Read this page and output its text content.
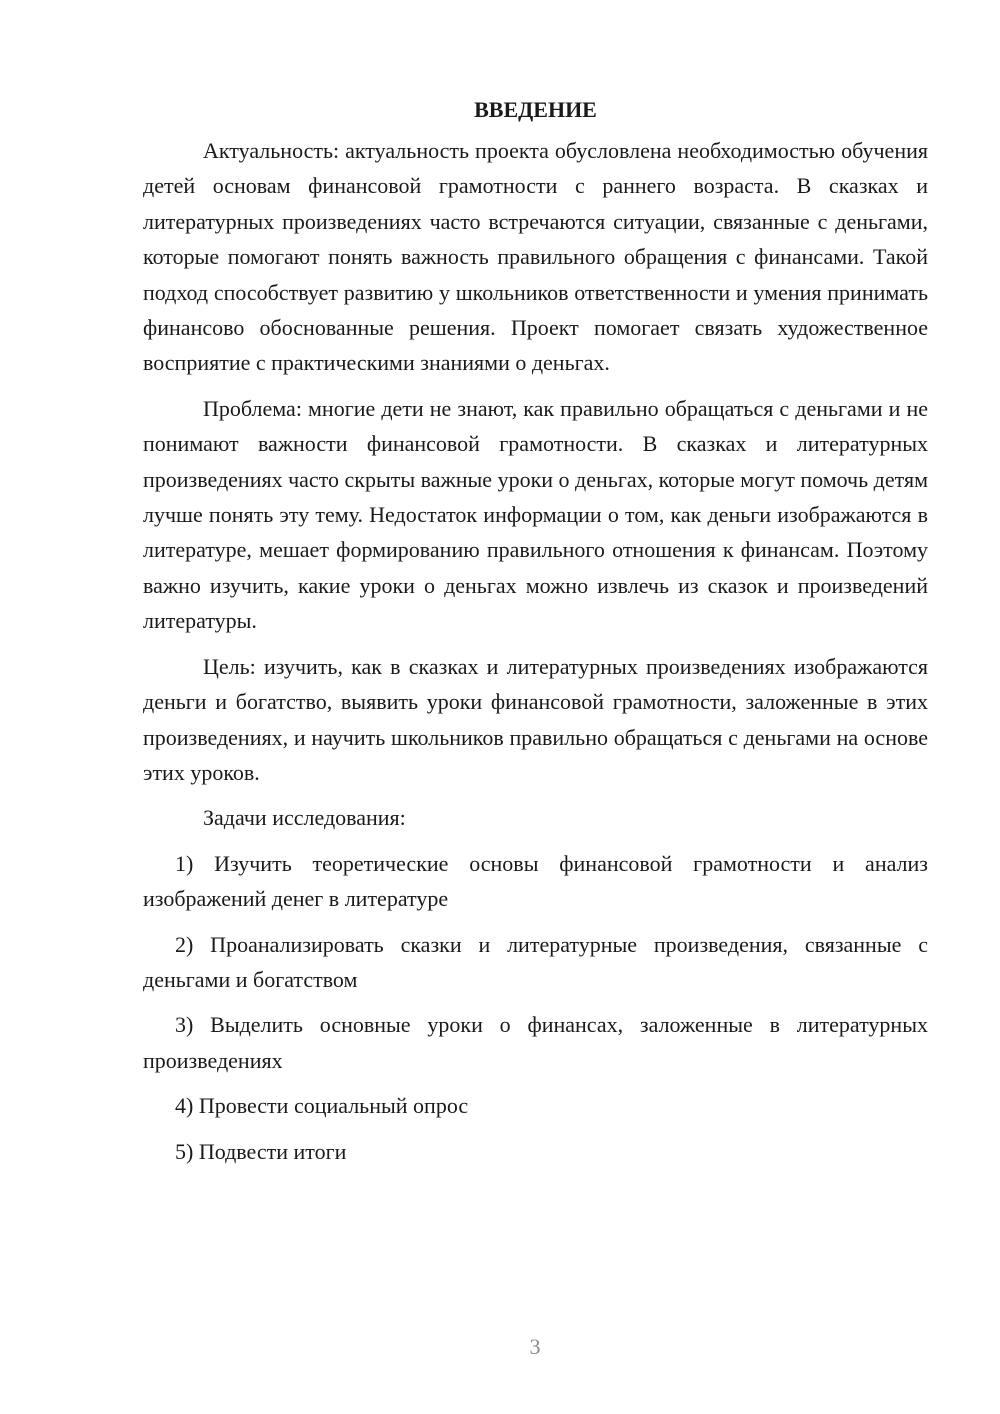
ВВЕДЕНИЕ

Актуальность: актуальность проекта обусловлена необходимостью обучения детей основам финансовой грамотности с раннего возраста. В сказках и литературных произведениях часто встречаются ситуации, связанные с деньгами, которые помогают понять важность правильного обращения с финансами. Такой подход способствует развитию у школьников ответственности и умения принимать финансово обоснованные решения. Проект помогает связать художественное восприятие с практическими знаниями о деньгах.

Проблема: многие дети не знают, как правильно обращаться с деньгами и не понимают важности финансовой грамотности. В сказках и литературных произведениях часто скрыты важные уроки о деньгах, которые могут помочь детям лучше понять эту тему. Недостаток информации о том, как деньги изображаются в литературе, мешает формированию правильного отношения к финансам. Поэтому важно изучить, какие уроки о деньгах можно извлечь из сказок и произведений литературы.

Цель: изучить, как в сказках и литературных произведениях изображаются деньги и богатство, выявить уроки финансовой грамотности, заложенные в этих произведениях, и научить школьников правильно обращаться с деньгами на основе этих уроков.

Задачи исследования:

1) Изучить теоретические основы финансовой грамотности и анализ изображений денег в литературе

2) Проанализировать сказки и литературные произведения, связанные с деньгами и богатством

3) Выделить основные уроки о финансах, заложенные в литературных произведениях

4) Провести социальный опрос

5) Подвести итоги

3
